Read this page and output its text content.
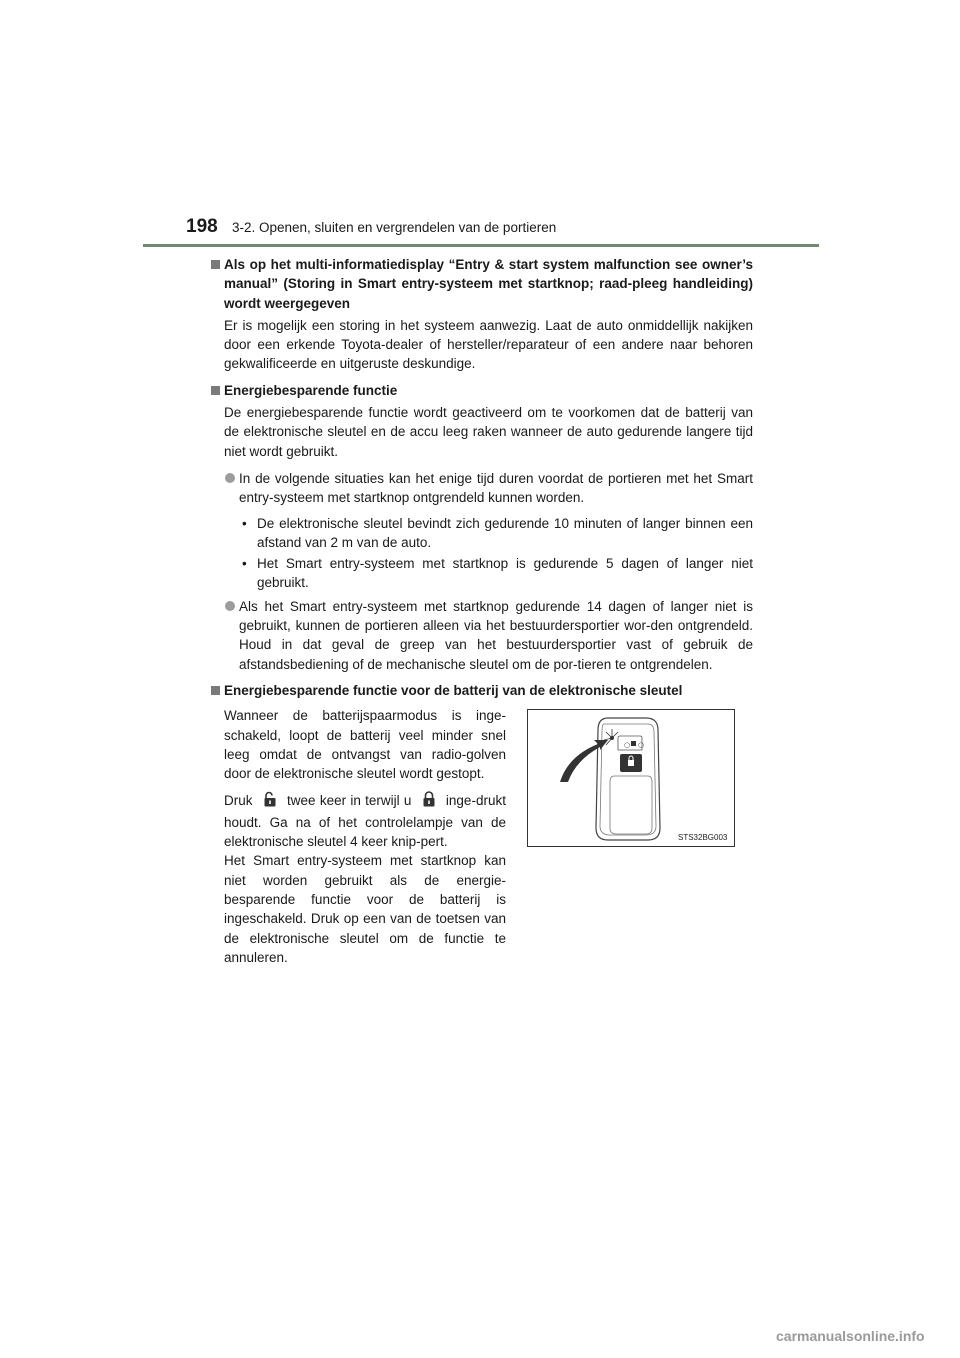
198 3-2. Openen, sluiten en vergrendelen van de portieren
Als op het multi-informatiedisplay “Entry & start system malfunction see owner’s manual” (Storing in Smart entry-systeem met startknop; raad-pleeg handleiding) wordt weergegeven
Er is mogelijk een storing in het systeem aanwezig. Laat de auto onmiddellijk nakijken door een erkende Toyota-dealer of hersteller/reparateur of een andere naar behoren gekwalificeerde en uitgeruste deskundige.
Energiebesparende functie
De energiebesparende functie wordt geactiveerd om te voorkomen dat de batterij van de elektronische sleutel en de accu leeg raken wanneer de auto gedurende langere tijd niet wordt gebruikt.
In de volgende situaties kan het enige tijd duren voordat de portieren met het Smart entry-systeem met startknop ontgrendeld kunnen worden.
• De elektronische sleutel bevindt zich gedurende 10 minuten of langer binnen een afstand van 2 m van de auto.
• Het Smart entry-systeem met startknop is gedurende 5 dagen of langer niet gebruikt.
Als het Smart entry-systeem met startknop gedurende 14 dagen of langer niet is gebruikt, kunnen de portieren alleen via het bestuurdersportier wor-den ontgrendeld. Houd in dat geval de greep van het bestuurdersportier vast of gebruik de afstandsbediening of de mechanische sleutel om de por-tieren te ontgrendelen.
Energiebesparende functie voor de batterij van de elektronische sleutel

Wanneer de batterijspaarmodus is inge-schakeld, loopt de batterij veel minder snel leeg omdat de ontvangst van radio-golven door de elektronische sleutel wordt gestopt.

Druk	twee keer in terwijl u	inge-drukt houdt. Ga na of het controlelampje van de elektronische sleutel 4 keer knip-pert.

Het Smart entry-systeem met startknop kan niet worden gebruikt als de energie-besparende functie voor de batterij is ingeschakeld. Druk op een van de toetsen van de elektronische sleutel om de functie te annuleren.

○ ○
STS32BG003
carmanualsonline.info
